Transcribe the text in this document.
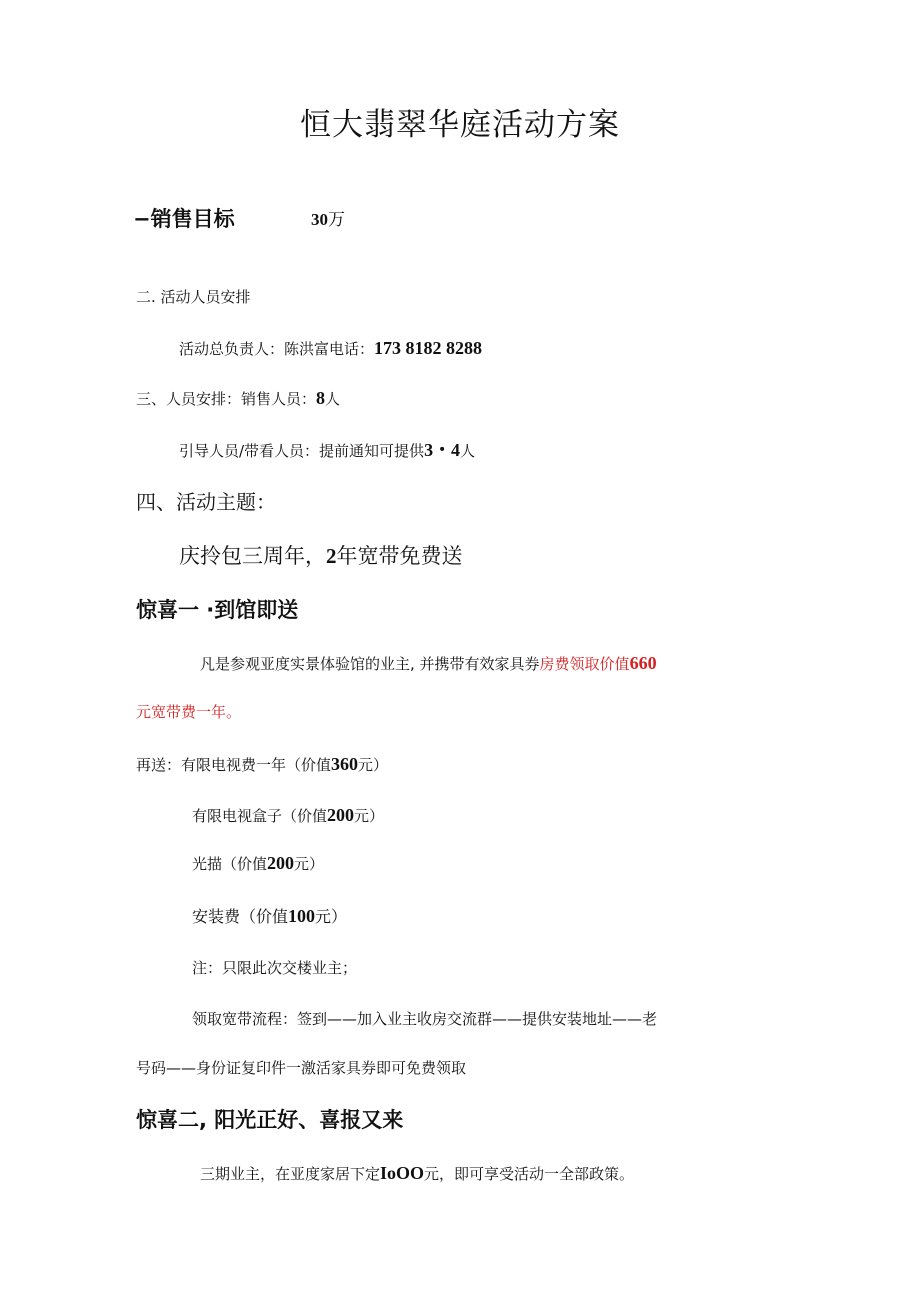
恒大翡翠华庭活动方案
−销售目标	30万
二. 活动人员安排
活动总负责人：陈洪富电话：173 8182 8288
三、人员安排：销售人员：8人
引导人员/带看人员：提前通知可提供3・4人
四、活动主题：
庆拎包三周年，2年宽带免费送
惊喜一 ·到馆即送
凡是参观亚度实景体验馆的业主, 并携带有效家具券房费领取价值660
元宽带费一年。
再送：有限电视费一年（价值360元）
有限电视盒子（价值200元）
光描（价值200元）
安装费（价值100元）
注：只限此次交楼业主；
领取宽带流程：签到——加入业主收房交流群——提供安装地址——老
号码——身份证复印件一激活家具券即可免费领取
惊喜二, 阳光正好、喜报又来
三期业主，在亚度家居下定IoOO元，即可享受活动一全部政策。
